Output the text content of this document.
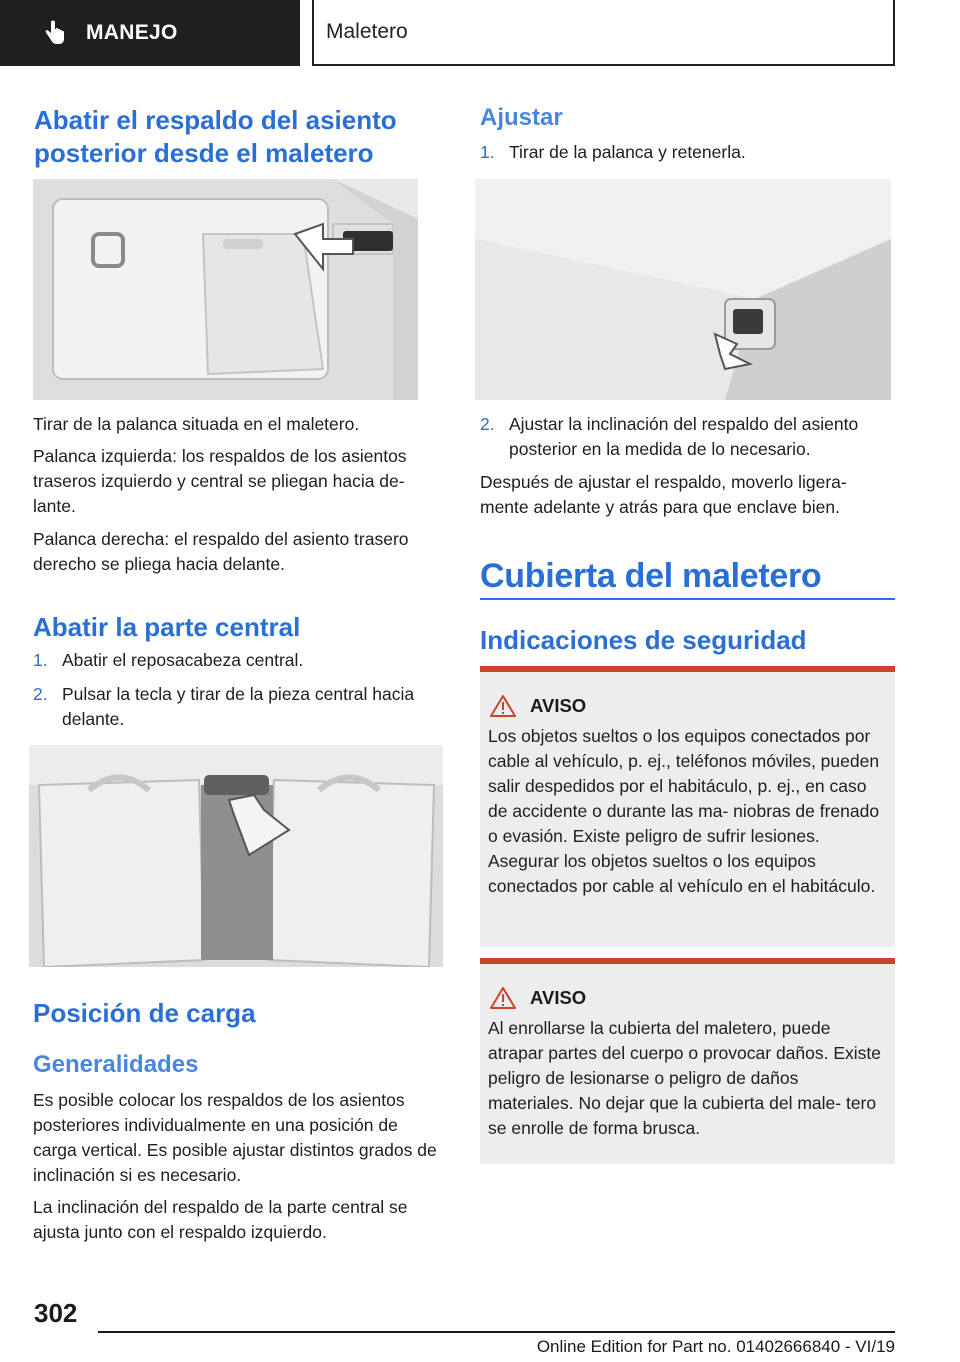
MANEJO	Maletero
Abatir el respaldo del asiento posterior desde el maletero

Tirar de la palanca situada en el maletero.

Palanca izquierda: los respaldos de los asientos traseros izquierdo y central se pliegan hacia de‐ lante.

Palanca derecha: el respaldo del asiento trasero derecho se pliega hacia delante.

Abatir la parte central
1. Abatir el reposacabeza central.
2. Pulsar la tecla y tirar de la pieza central hacia delante.
Posición de carga
Generalidades

Es posible colocar los respaldos de los asientos posteriores individualmente en una posición de carga vertical. Es posible ajustar distintos grados de inclinación si es necesario.

La inclinación del respaldo de la parte central se ajusta junto con el respaldo izquierdo.

Ajustar
1. Tirar de la palanca y retenerla.
2. Ajustar la inclinación del respaldo del asiento posterior en la medida de lo necesario.

Después de ajustar el respaldo, moverlo ligera‐ mente adelante y atrás para que enclave bien.

Cubierta del maletero
Indicaciones de seguridad
AVISO

Los objetos sueltos o los equipos conectados por cable al vehículo, p. ej., teléfonos móviles, pueden salir despedidos por el habitáculo, p. ej., en caso de accidente o durante las ma‐ niobras de frenado o evasión. Existe peligro de sufrir lesiones. Asegurar los objetos sueltos o los equipos conectados por cable al vehículo en el habitáculo.

AVISO

Al enrollarse la cubierta del maletero, puede atrapar partes del cuerpo o provocar daños. Existe peligro de lesionarse o peligro de daños materiales. No dejar que la cubierta del male‐ tero se enrolle de forma brusca.

302
Online Edition for Part no. 01402666840 - VI/19
